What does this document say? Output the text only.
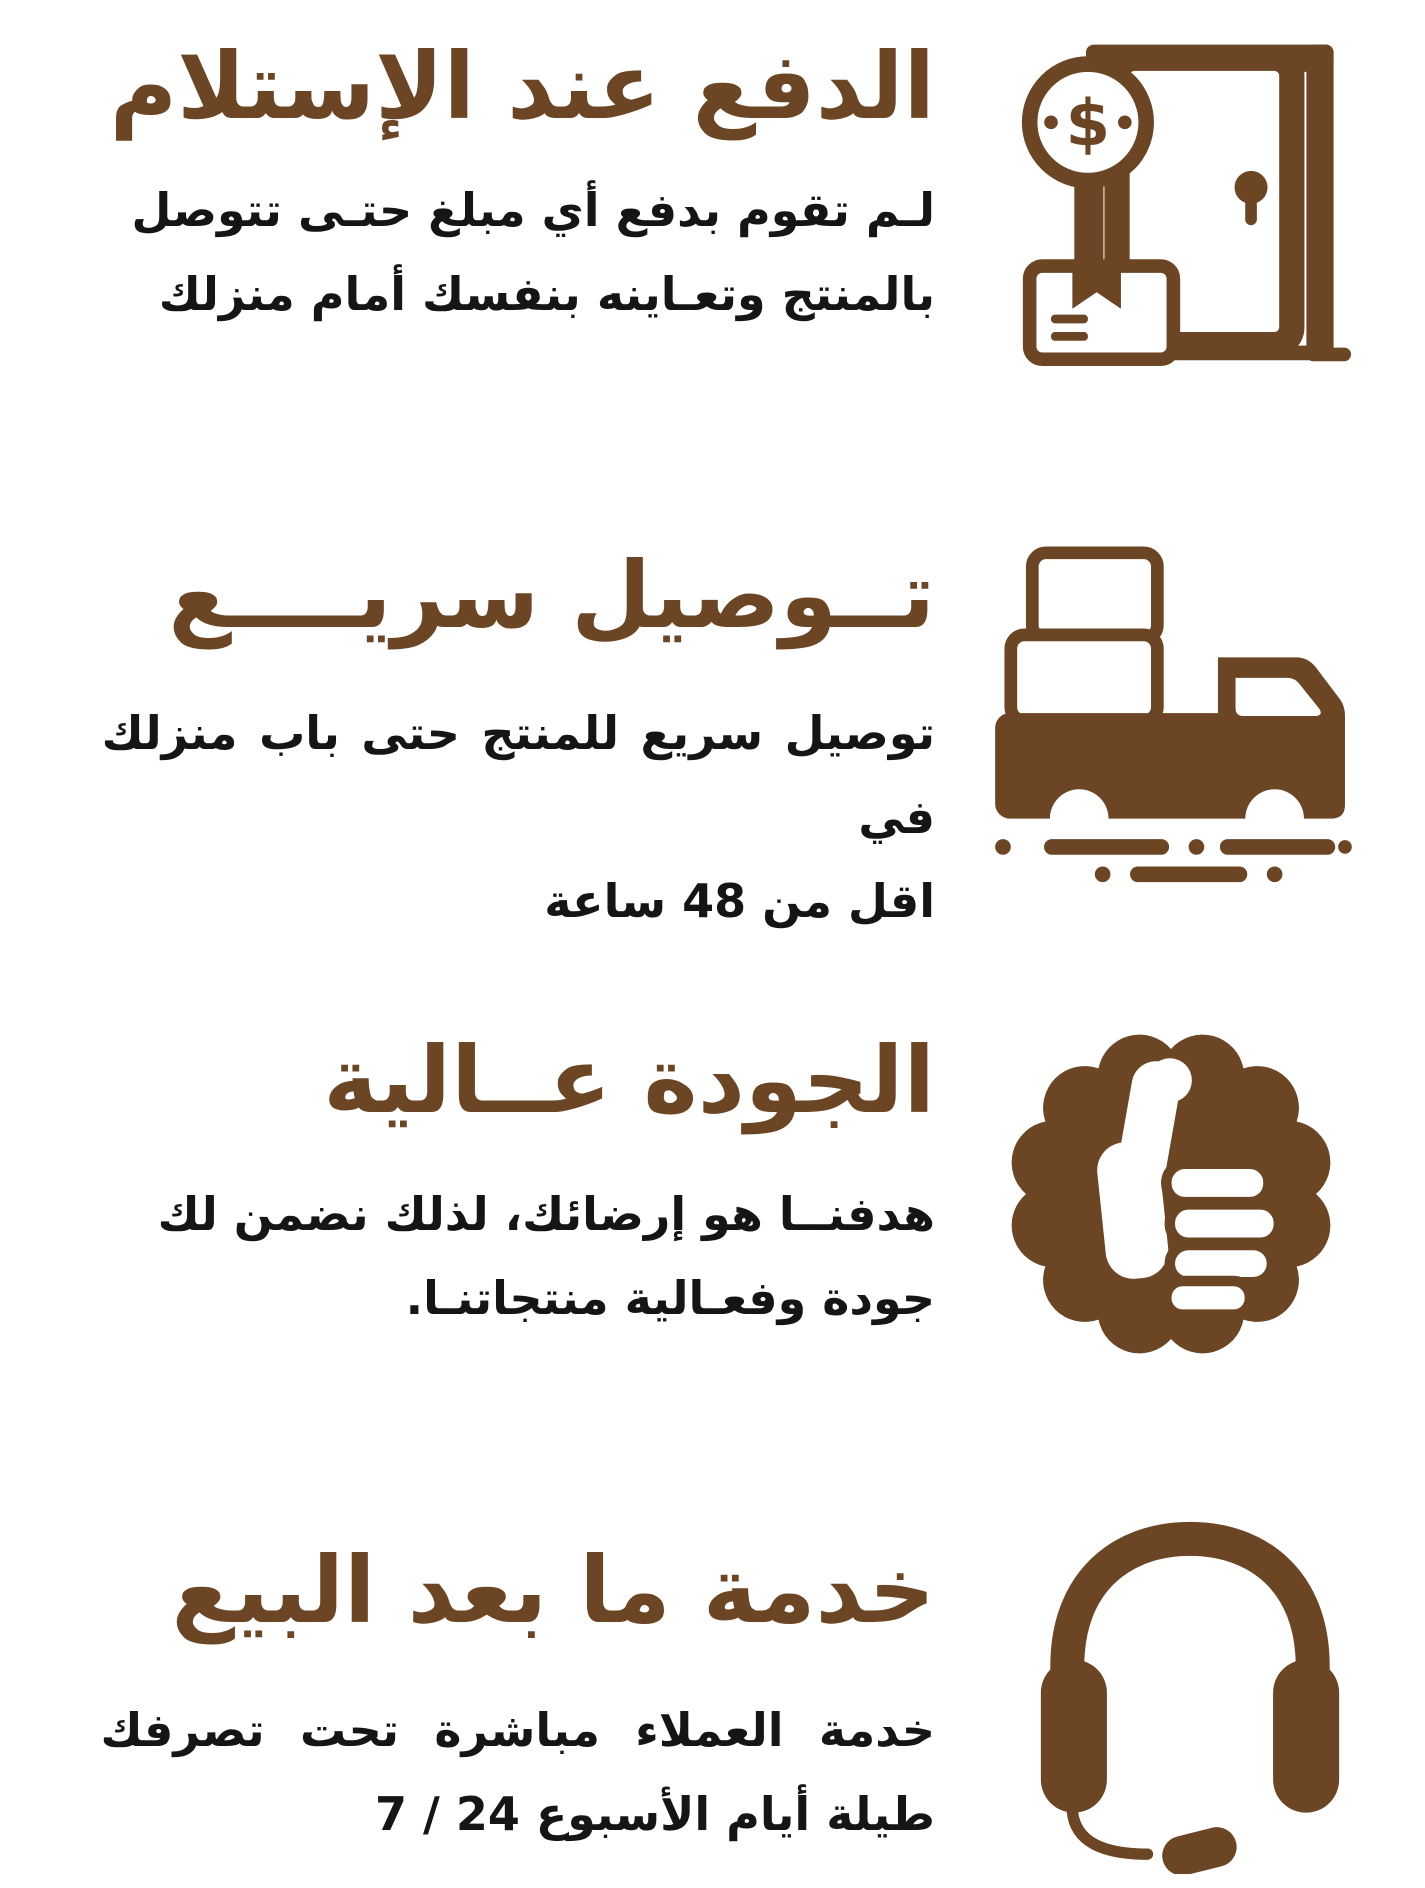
الدفع عند الإستلام

لـم تقوم بدفع أي مبلغ حتـى تتوصل

بالمنتج وتعـاينه بنفسك أمام منزلك

$
تــوصيل سريــــع

توصيل سريع للمنتج حتى باب منزلك في

اقل من 48 ساعة

الجودة عــالية

هدفنــا هو إرضائك، لذلك نضمن لك

جودة وفعـالية منتجاتنـا.

خدمة ما بعد البيع

خدمة العملاء مباشرة تحت تصرفك

طيلة أيام الأسبوع 24 / 7
